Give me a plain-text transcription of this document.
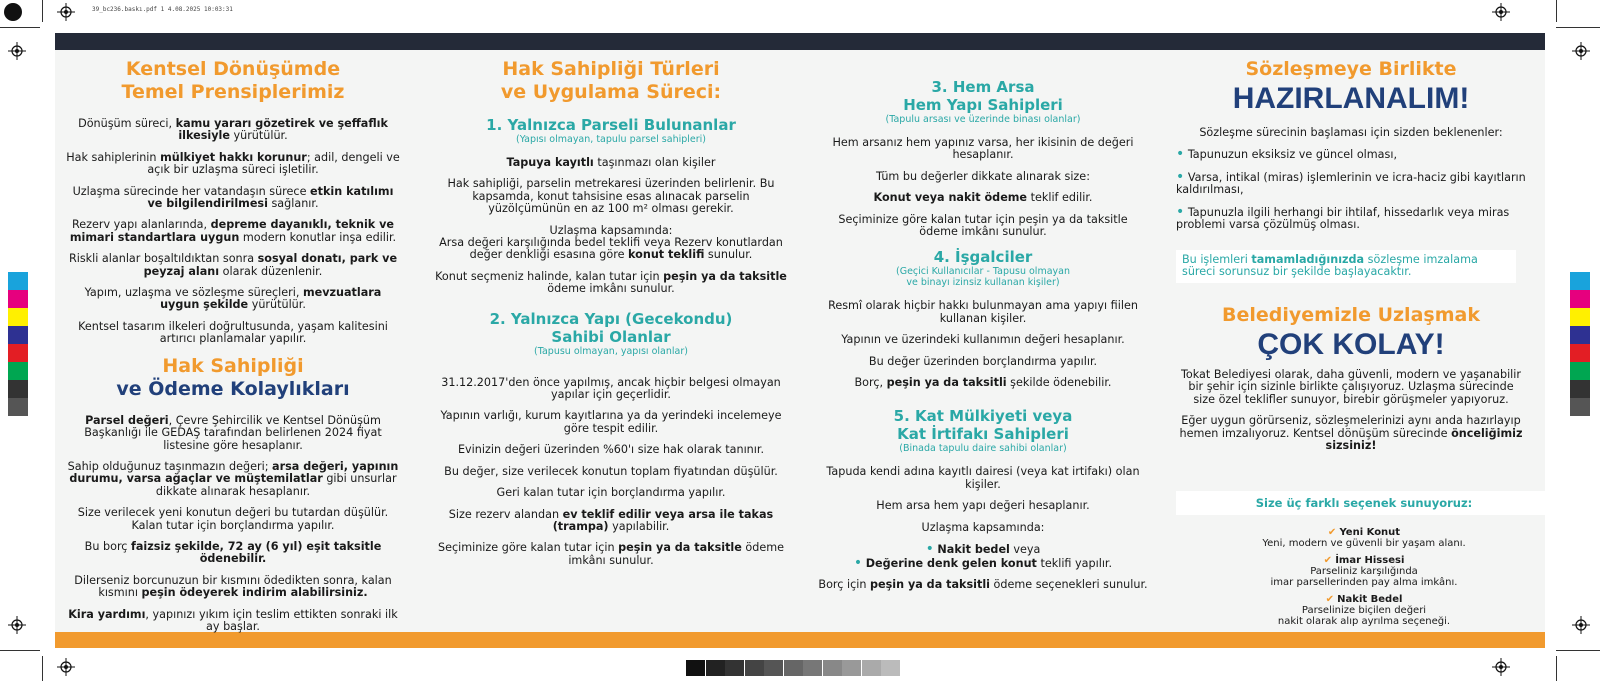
39_bc236.baskı.pdf 1 4.08.2025 10:03:31
Kentsel Dönüşümde
Temel Prensiplerimiz

Dönüşüm süreci, kamu yararı gözetirek ve şeffaflık ilkesiyle yürütülür.

Hak sahiplerinin mülkiyet hakkı korunur; adil, dengeli ve açık bir uzlaşma süreci işletilir.

Uzlaşma sürecinde her vatandaşın sürece etkin katılımı ve bilgilendirilmesi sağlanır.

Rezerv yapı alanlarında, depreme dayanıklı, teknik ve mimari standartlara uygun modern konutlar inşa edilir.

Riskli alanlar boşaltıldıktan sonra sosyal donatı, park ve peyzaj alanı olarak düzenlenir.

Yapım, uzlaşma ve sözleşme süreçleri, mevzuatlara uygun şekilde yürütülür.

Kentsel tasarım ilkeleri doğrultusunda, yaşam kalitesini artırıcı planlamalar yapılır.

Hak Sahipliği
ve Ödeme Kolaylıkları

Parsel değeri, Çevre Şehircilik ve Kentsel Dönüşüm Başkanlığı ile GEDAŞ tarafından belirlenen 2024 fiyat listesine göre hesaplanır.

Sahip olduğunuz taşınmazın değeri; arsa değeri, yapının durumu, varsa ağaçlar ve müştemilatlar gibi unsurlar dikkate alınarak hesaplanır.

Size verilecek yeni konutun değeri bu tutardan düşülür. Kalan tutar için borçlandırma yapılır.

Bu borç faizsiz şekilde, 72 ay (6 yıl) eşit taksitle ödenebilir.

Dilerseniz borcunuzun bir kısmını ödedikten sonra, kalan kısmını peşin ödeyerek indirim alabilirsiniz.

Kira yardımı, yapınızı yıkım için teslim ettikten sonraki ilk ay başlar.

Hak Sahipliği Türleri
ve Uygulama Süreci:
1. Yalnızca Parseli Bulunanlar
(Yapısı olmayan, tapulu parsel sahipleri)

Tapuya kayıtlı taşınmazı olan kişiler

Hak sahipliği, parselin metrekaresi üzerinden belirlenir. Bu kapsamda, konut tahsisine esas alınacak parselin yüzölçümünün en az 100 m² olması gerekir.

Uzlaşma kapsamında:
Arsa değeri karşılığında bedel teklifi veya Rezerv konutlardan değer denkliği esasına göre konut teklifi sunulur.

Konut seçmeniz halinde, kalan tutar için peşin ya da taksitle ödeme imkânı sunulur.

2. Yalnızca Yapı (Gecekondu)
Sahibi Olanlar
(Tapusu olmayan, yapısı olanlar)

31.12.2017'den önce yapılmış, ancak hiçbir belgesi olmayan yapılar için geçerlidir.

Yapının varlığı, kurum kayıtlarına ya da yerindeki incelemeye göre tespit edilir.

Evinizin değeri üzerinden %60'ı size hak olarak tanınır.

Bu değer, size verilecek konutun toplam fiyatından düşülür.

Geri kalan tutar için borçlandırma yapılır.

Size rezerv alandan ev teklif edilir veya arsa ile takas (trampa) yapılabilir.

Seçiminize göre kalan tutar için peşin ya da taksitle ödeme imkânı sunulur.

3. Hem Arsa
Hem Yapı Sahipleri
(Tapulu arsası ve üzerinde binası olanlar)

Hem arsanız hem yapınız varsa, her ikisinin de değeri hesaplanır.

Tüm bu değerler dikkate alınarak size:

Konut veya nakit ödeme teklif edilir.

Seçiminize göre kalan tutar için peşin ya da taksitle ödeme imkânı sunulur.

4. İşgalciler
(Geçici Kullanıcılar - Tapusu olmayan
ve binayı izinsiz kullanan kişiler)

Resmî olarak hiçbir hakkı bulunmayan ama yapıyı fiilen kullanan kişiler.

Yapının ve üzerindeki kullanımın değeri hesaplanır.

Bu değer üzerinden borçlandırma yapılır.

Borç, peşin ya da taksitli şekilde ödenebilir.

5. Kat Mülkiyeti veya
Kat İrtifakı Sahipleri
(Binada tapulu daire sahibi olanlar)

Tapuda kendi adına kayıtlı dairesi (veya kat irtifakı) olan kişiler.

Hem arsa hem yapı değeri hesaplanır.

Uzlaşma kapsamında:

• Nakit bedel veya

• Değerine denk gelen konut teklifi yapılır.

Borç için peşin ya da taksitli ödeme seçenekleri sunulur.

Sözleşmeye Birlikte
HAZIRLANALIM!

Sözleşme sürecinin başlaması için sizden beklenenler:

• Tapunuzun eksiksiz ve güncel olması,

• Varsa, intikal (miras) işlemlerinin ve icra-haciz gibi kayıtların kaldırılması,

• Tapunuzla ilgili herhangi bir ihtilaf, hissedarlık veya miras problemi varsa çözülmüş olması.

Bu işlemleri tamamladığınızda sözleşme imzalama süreci sorunsuz bir şekilde başlayacaktır.
Belediyemizle Uzlaşmak
ÇOK KOLAY!

Tokat Belediyesi olarak, daha güvenli, modern ve yaşanabilir bir şehir için sizinle birlikte çalışıyoruz. Uzlaşma sürecinde size özel teklifler sunuyor, birebir görüşmeler yapıyoruz.

Eğer uygun görürseniz, sözleşmelerinizi aynı anda hazırlayıp hemen imzalıyoruz. Kentsel dönüşüm sürecinde önceliğimiz sizsiniz!

Size üç farklı seçenek sunuyoruz:
✔ Yeni Konut
Yeni, modern ve güvenli bir yaşam alanı.
✔ İmar Hissesi
Parseliniz karşılığında
imar parsellerinden pay alma imkânı.
✔ Nakit Bedel
Parselinize biçilen değeri
nakit olarak alıp ayrılma seçeneği.
